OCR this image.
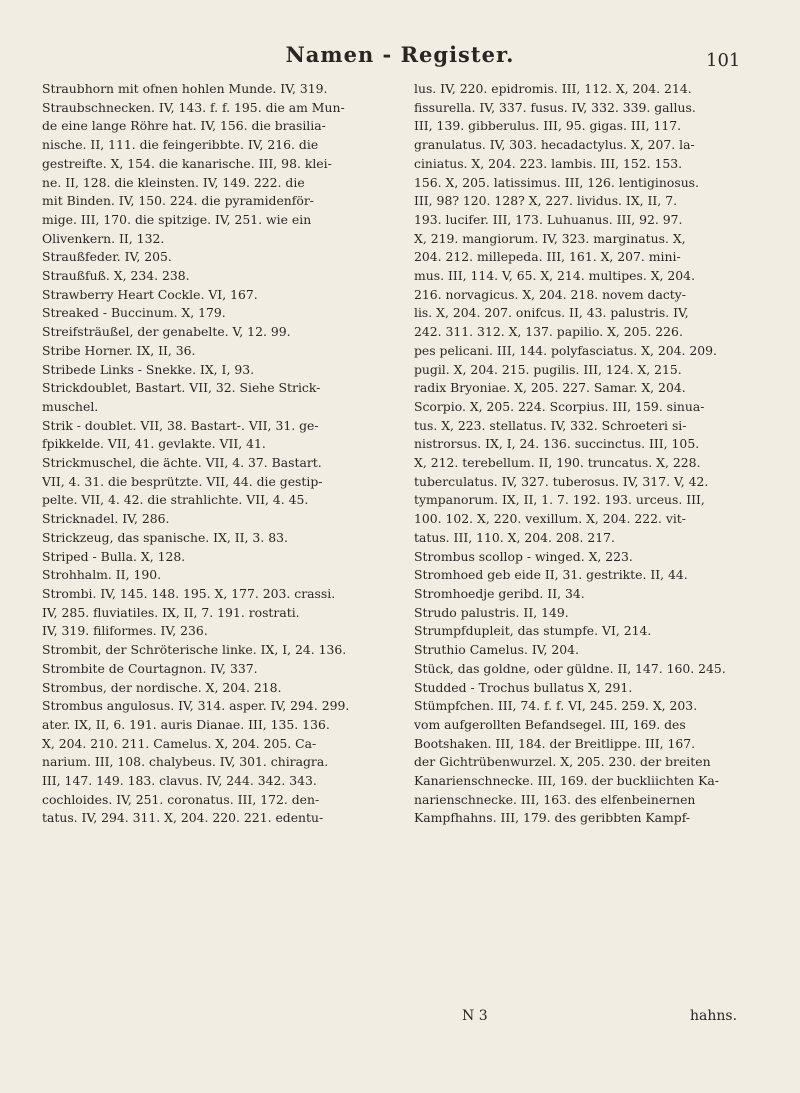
Namen - Register.	101
Straubhorn mit ofnen hohlen Munde. IV, 319.
Straubschnecken. IV, 143. f. f. 195. die am Mun-
de eine lange Röhre hat. IV, 156. die brasilia-
nische. II, 111. die feingeribbte. IV, 216. die
gestreifte. X, 154. die kanarische. III, 98. klei-
ne. II, 128. die kleinsten. IV, 149. 222. die
mit Binden. IV, 150. 224. die pyramidenför-
mige. III, 170. die spitzige. IV, 251. wie ein
Olivenkern. II, 132.
Straußfeder. IV, 205.
Straußfuß. X, 234. 238.
Strawberry Heart Cockle. VI, 167.
Streaked - Buccinum. X, 179.
Streifsträußel, der genabelte. V, 12. 99.
Stribe Horner. IX, II, 36.
Stribede Links - Snekke. IX, I, 93.
Strickdoublet, Bastart. VII, 32. Siehe Strick-
muschel.
Strik - doublet. VII, 38. Bastart-. VII, 31. ge-
fpikkelde. VII, 41. gevlakte. VII, 41.
Strickmuschel, die ächte. VII, 4. 37. Bastart.
VII, 4. 31. die besprützte. VII, 44. die gestip-
pelte. VII, 4. 42. die strahlichte. VII, 4. 45.
Stricknadel. IV, 286.
Strickzeug, das spanische. IX, II, 3. 83.
Striped - Bulla. X, 128.
Strohhalm. II, 190.
Strombi. IV, 145. 148. 195. X, 177. 203. crassi.
IV, 285. fluviatiles. IX, II, 7. 191. rostrati.
IV, 319. filiformes. IV, 236.
Strombit, der Schröterische linke. IX, I, 24. 136.
Strombite de Courtagnon. IV, 337.
Strombus, der nordische. X, 204. 218.
Strombus angulosus. IV, 314. asper. IV, 294. 299.
ater. IX, II, 6. 191. auris Dianae. III, 135. 136.
X, 204. 210. 211. Camelus. X, 204. 205. Ca-
narium. III, 108. chalybeus. IV, 301. chiragra.
III, 147. 149. 183. clavus. IV, 244. 342. 343.
cochloides. IV, 251. coronatus. III, 172. den-
tatus. IV, 294. 311. X, 204. 220. 221. edentu-
lus. IV, 220. epidromis. III, 112. X, 204. 214.
fissurella. IV, 337. fusus. IV, 332. 339. gallus.
III, 139. gibberulus. III, 95. gigas. III, 117.
granulatus. IV, 303. hecadactylus. X, 207. la-
ciniatus. X, 204. 223. lambis. III, 152. 153.
156. X, 205. latissimus. III, 126. lentiginosus.
III, 98? 120. 128? X, 227. lividus. IX, II, 7.
193. lucifer. III, 173. Luhuanus. III, 92. 97.
X, 219. mangiorum. IV, 323. marginatus. X,
204. 212. millepeda. III, 161. X, 207. mini-
mus. III, 114. V, 65. X, 214. multipes. X, 204.
216. norvagicus. X, 204. 218. novem dacty-
lis. X, 204. 207. onifcus. II, 43. palustris. IV,
242. 311. 312. X, 137. papilio. X, 205. 226.
pes pelicani. III, 144. polyfasciatus. X, 204. 209.
pugil. X, 204. 215. pugilis. III, 124. X, 215.
radix Bryoniae. X, 205. 227. Samar. X, 204.
Scorpio. X, 205. 224. Scorpius. III, 159. sinua-
tus. X, 223. stellatus. IV, 332. Schroeteri si-
nistrorsus. IX, I, 24. 136. succinctus. III, 105.
X, 212. terebellum. II, 190. truncatus. X, 228.
tuberculatus. IV, 327. tuberosus. IV, 317. V, 42.
tympanorum. IX, II, 1. 7. 192. 193. urceus. III,
100. 102. X, 220. vexillum. X, 204. 222. vit-
tatus. III, 110. X, 204. 208. 217.
Strombus scollop - winged. X, 223.
Stromhoed geb eide II, 31. gestrikte. II, 44.
Stromhoedje geribd. II, 34.
Strudo palustris. II, 149.
Strumpfdupleit, das stumpfe. VI, 214.
Struthio Camelus. IV, 204.
Stück, das goldne, oder güldne. II, 147. 160. 245.
Studded - Trochus bullatus X, 291.
Stümpfchen. III, 74. f. f. VI, 245. 259. X, 203.
vom aufgerollten Befandsegel. III, 169. des
Bootshaken. III, 184. der Breitlippe. III, 167.
der Gichtrübenwurzel. X, 205. 230. der breiten
Kanarienschnecke. III, 169. der buckliichten Ka-
narienschnecke. III, 163. des elfenbeinernen
Kampfhahns. III, 179. des geribbten Kampf-
N 3	hahns.
